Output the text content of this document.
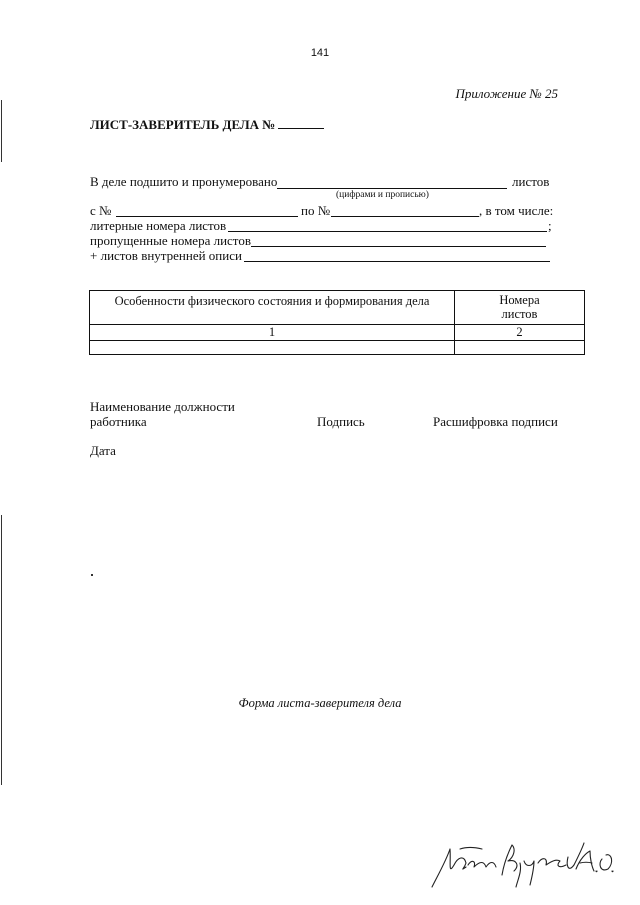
141
Приложение № 25
ЛИСТ-ЗАВЕРИТЕЛЬ ДЕЛА №
В деле подшито и пронумеровано	листов
(цифрами и прописью)
с №	по №	, в том числе:
литерные номера листов	;
пропущенные номера листов
+ листов внутренней описи
Особенности физического состояния и формирования дела	Номера
листов
1	2

Наименование должности
работника	Подпись	Расшифровка подписи
Дата
Форма листа-заверителя дела
